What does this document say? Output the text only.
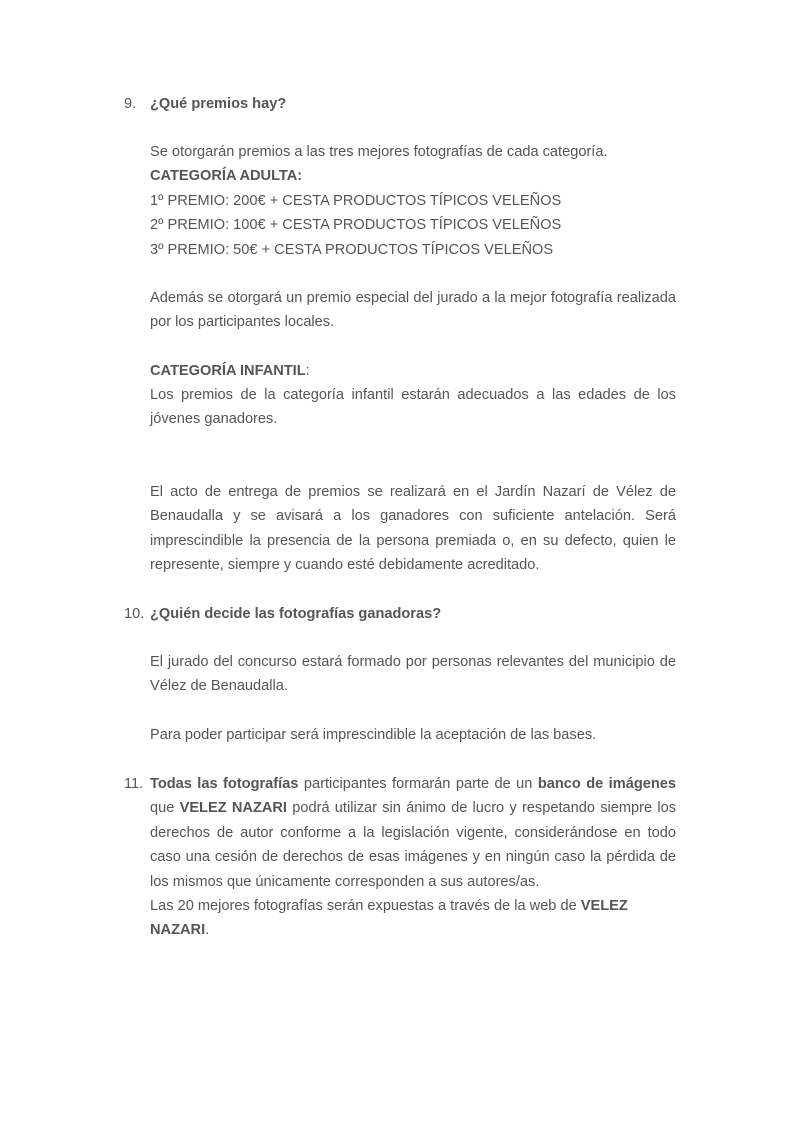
9. ¿Qué premios hay?
Se otorgarán premios a las tres mejores fotografías de cada categoría.
CATEGORÍA ADULTA:
1º PREMIO: 200€ + CESTA PRODUCTOS TÍPICOS VELEÑOS
2º PREMIO: 100€ + CESTA PRODUCTOS TÍPICOS VELEÑOS
3º PREMIO: 50€ + CESTA PRODUCTOS TÍPICOS VELEÑOS
Además se otorgará un premio especial del jurado a la mejor fotografía realizada por los participantes locales.
CATEGORÍA INFANTIL:
Los premios de la categoría infantil estarán adecuados a las edades de los jóvenes ganadores.
El acto de entrega de premios se realizará en el Jardín Nazarí de Vélez de Benaudalla y se avisará a los ganadores con suficiente antelación. Será imprescindible la presencia de la persona premiada o, en su defecto, quien le represente, siempre y cuando esté debidamente acreditado.
10. ¿Quién decide las fotografías ganadoras?
El jurado del concurso estará formado por personas relevantes del municipio de Vélez de Benaudalla.
Para poder participar será imprescindible la aceptación de las bases.
11. Todas las fotografías participantes formarán parte de un banco de imágenes que VELEZ NAZARI podrá utilizar sin ánimo de lucro y respetando siempre los derechos de autor conforme a la legislación vigente, considerándose en todo caso una cesión de derechos de esas imágenes y en ningún caso la pérdida de los mismos que únicamente corresponden a sus autores/as.
Las 20 mejores fotografías serán expuestas a través de la web de VELEZ NAZARI.
